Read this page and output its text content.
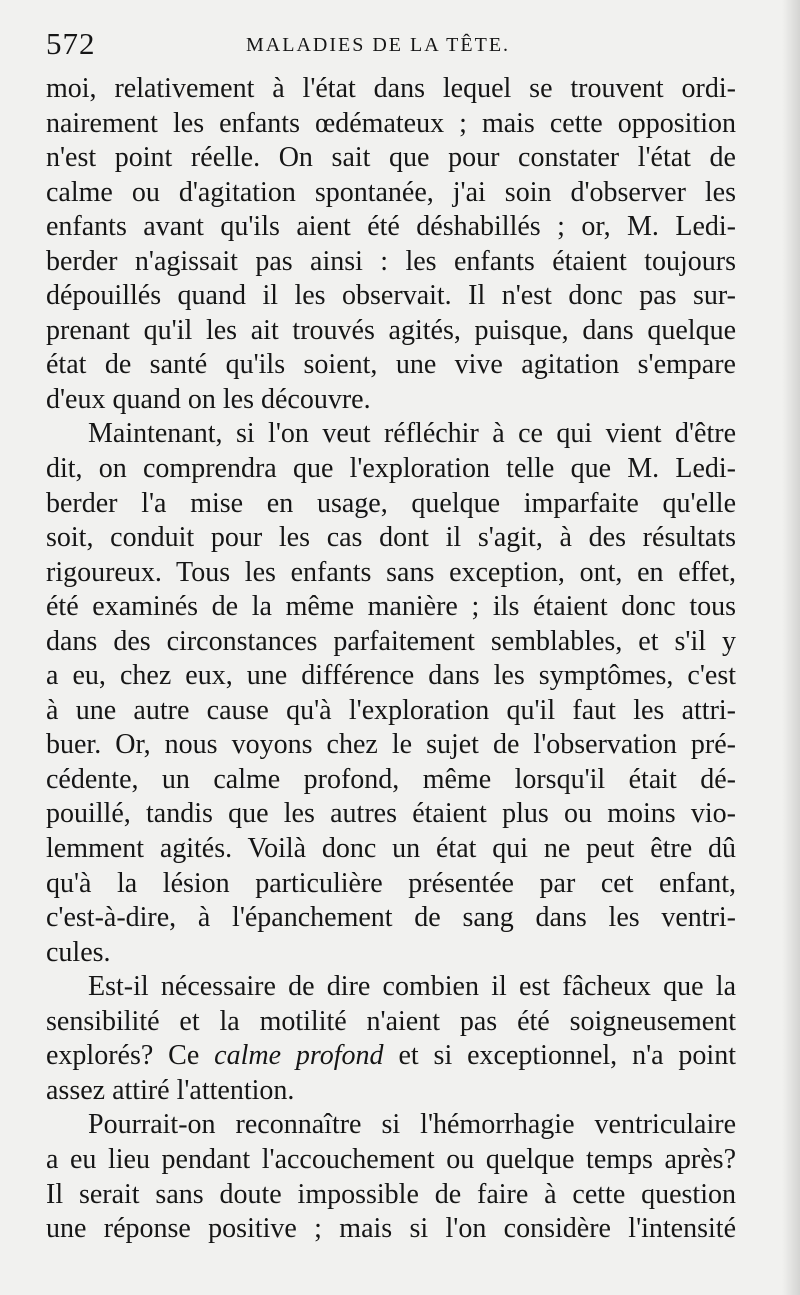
572	MALADIES DE LA TÊTE.
moi, relativement à l'état dans lequel se trouvent ordi-
nairement les enfants œdémateux ; mais cette opposition
n'est point réelle. On sait que pour constater l'état de
calme ou d'agitation spontanée, j'ai soin d'observer les
enfants avant qu'ils aient été déshabillés ; or, M. Ledi-
berder n'agissait pas ainsi : les enfants étaient toujours
dépouillés quand il les observait. Il n'est donc pas sur-
prenant qu'il les ait trouvés agités, puisque, dans quelque
état de santé qu'ils soient, une vive agitation s'empare
d'eux quand on les découvre.
Maintenant, si l'on veut réfléchir à ce qui vient d'être
dit, on comprendra que l'exploration telle que M. Ledi-
berder l'a mise en usage, quelque imparfaite qu'elle
soit, conduit pour les cas dont il s'agit, à des résultats
rigoureux. Tous les enfants sans exception, ont, en effet,
été examinés de la même manière ; ils étaient donc tous
dans des circonstances parfaitement semblables, et s'il y
a eu, chez eux, une différence dans les symptômes, c'est
à une autre cause qu'à l'exploration qu'il faut les attri-
buer. Or, nous voyons chez le sujet de l'observation pré-
cédente, un calme profond, même lorsqu'il était dé-
pouillé, tandis que les autres étaient plus ou moins vio-
lemment agités. Voilà donc un état qui ne peut être dû
qu'à la lésion particulière présentée par cet enfant,
c'est-à-dire, à l'épanchement de sang dans les ventri-
cules.
Est-il nécessaire de dire combien il est fâcheux que la
sensibilité et la motilité n'aient pas été soigneusement
explorés? Ce calme profond et si exceptionnel, n'a point
assez attiré l'attention.
Pourrait-on reconnaître si l'hémorrhagie ventriculaire
a eu lieu pendant l'accouchement ou quelque temps après?
Il serait sans doute impossible de faire à cette question
une réponse positive ; mais si l'on considère l'intensité
